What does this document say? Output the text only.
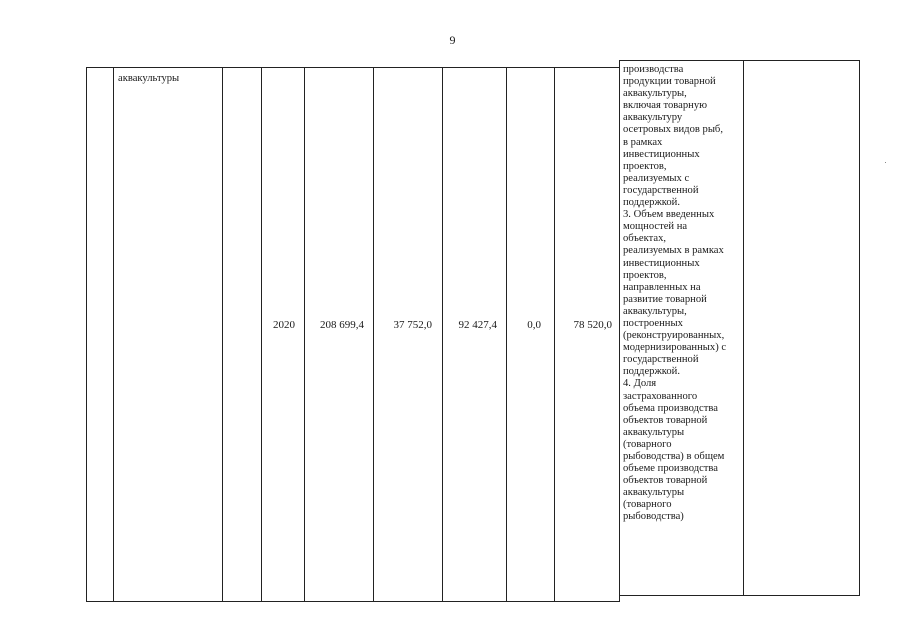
9
аквакультуры
2020	208 699,4	37 752,0	92 427,4	0,0	78 520,0
производства
продукции товарной
аквакультуры,
включая товарную
аквакультуру
осетровых видов рыб,
в рамках
инвестиционных
проектов,
реализуемых с
государственной
поддержкой.
3. Объем введенных
мощностей на
объектах,
реализуемых в рамках
инвестиционных
проектов,
направленных на
развитие товарной
аквакультуры,
построенных
(реконструированных,
модернизированных) с
государственной
поддержкой.
4. Доля
застрахованного
объема производства
объектов товарной
аквакультуры
(товарного
рыбоводства) в общем
объеме производства
объектов товарной
аквакультуры
(товарного
рыбоводства)
